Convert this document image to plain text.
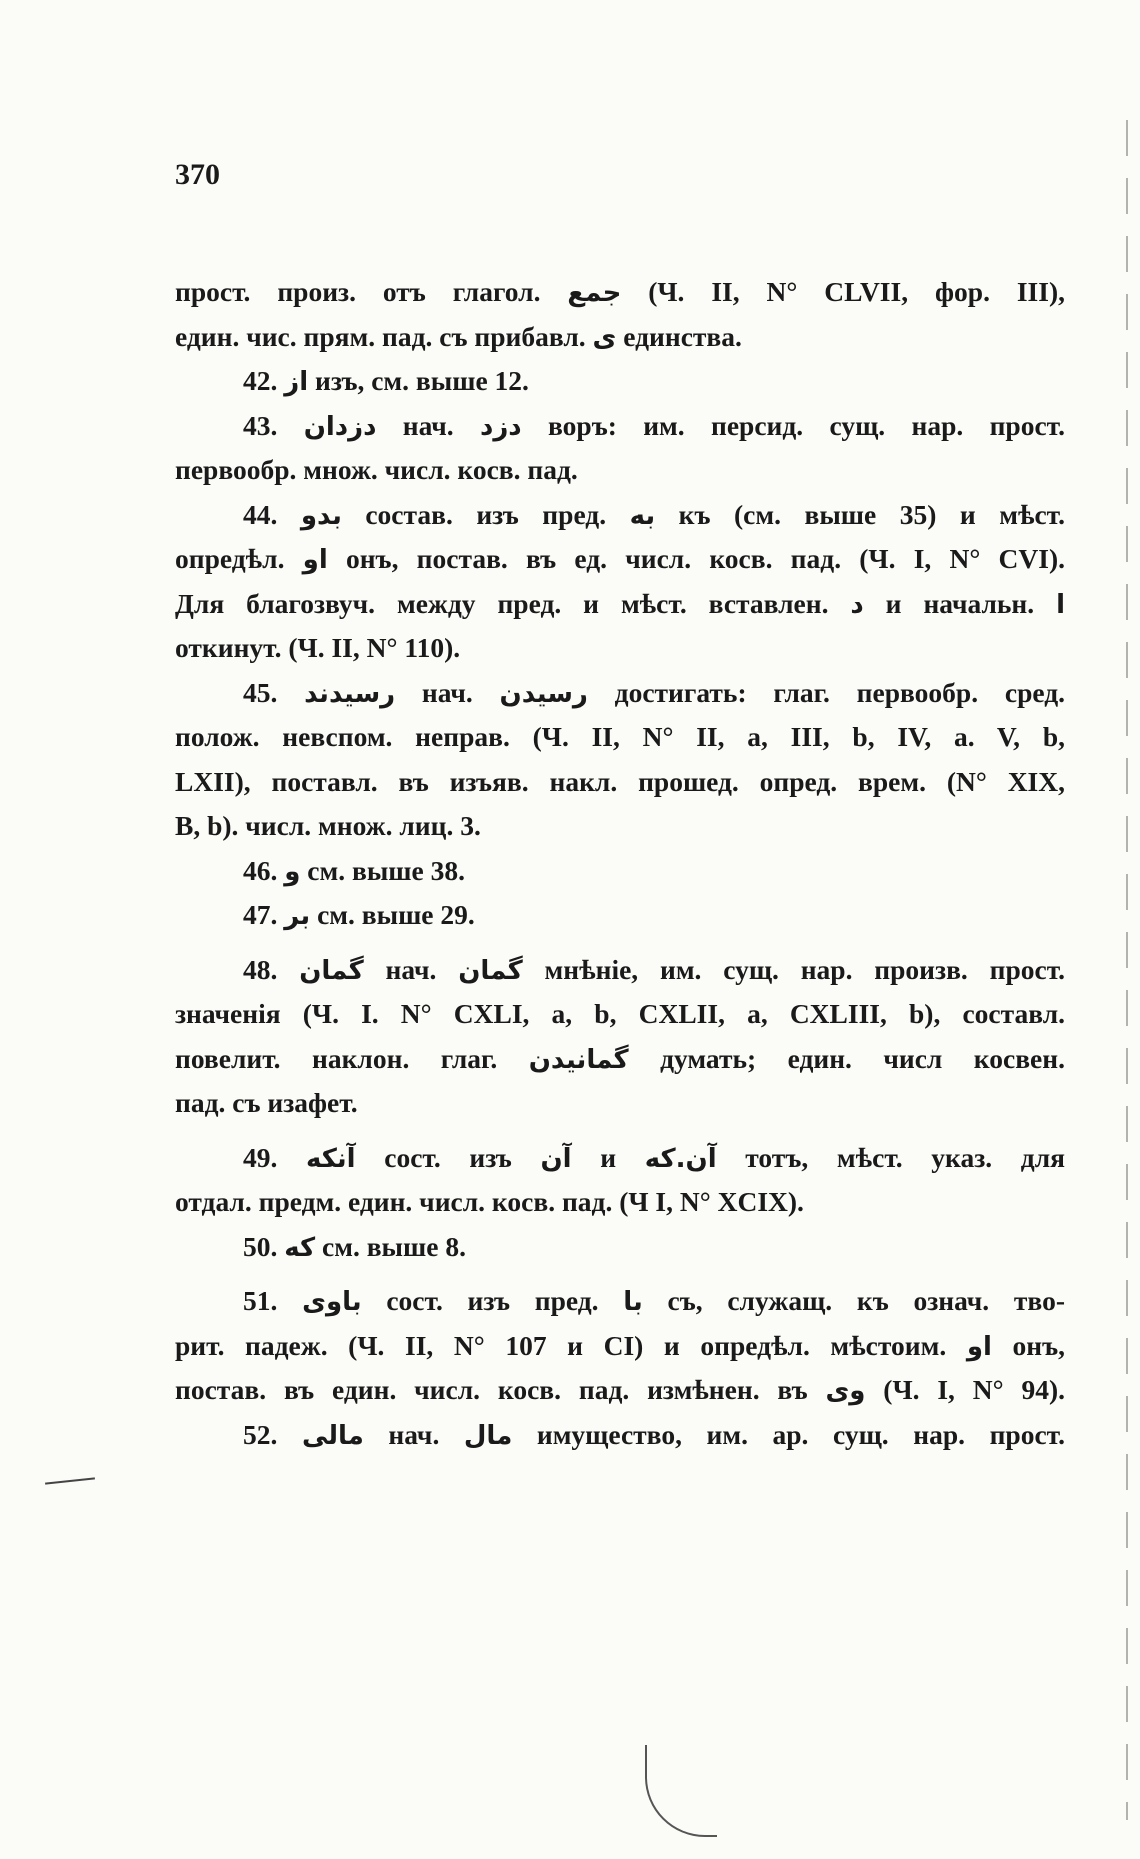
370
прост. произ. отъ глагол. جمع (Ч. II, N° CLVII, фор. III),
един. чис. прям. пад. съ прибавл. ى единства.
42. از изъ, см. выше 12.
43. دزدان нач. دزد воръ: им. персид. сущ. нар. прост.
первообр. множ. числ. косв. пад.
44. بدو состав. изъ пред. به къ (см. выше 35) и мѣст.
опредѣл. او онъ, постав. въ ед. числ. косв. пад. (Ч. I, N° CVI).
Для благозвуч. между пред. и мѣст. вставлен. د и начальн. ا
откинут. (Ч. II, N° 110).
45. رسیدند нач. رسیدن достигать: глаг. первообр. сред.
полож. невспом. неправ. (Ч. II, N° II, a, III, b, IV, a. V, b,
LXII), поставл. въ изъяв. накл. прошед. опред. врем. (N° XIX,
B, b). числ. множ. лиц. 3.
46. و см. выше 38.
47. بر см. выше 29.
48. گمان нач. گمان мнѣніе, им. сущ. нар. произв. прост.
значенія (Ч. I. N° CXLI, a, b, CXLII, a, CXLIII, b), составл.
повелит. наклон. глаг. گمانیدن думать; един. числ косвен.
пад. съ изафет.
49. آنكه сост. изъ آن и آن.كه тотъ, мѣст. указ. для
отдал. предм. един. числ. косв. пад. (Ч I, N° XCIX).
50. كه см. выше 8.
51. باوى сост. изъ пред. با съ, служащ. къ означ. тво-
рит. падеж. (Ч. II, N° 107 и CI) и опредѣл. мѣстоим. او онъ,
постав. въ един. числ. косв. пад. измѣнен. въ وى (Ч. I, N° 94).
52. مالى нач. مال имущество, им. ар. сущ. нар. прост.
